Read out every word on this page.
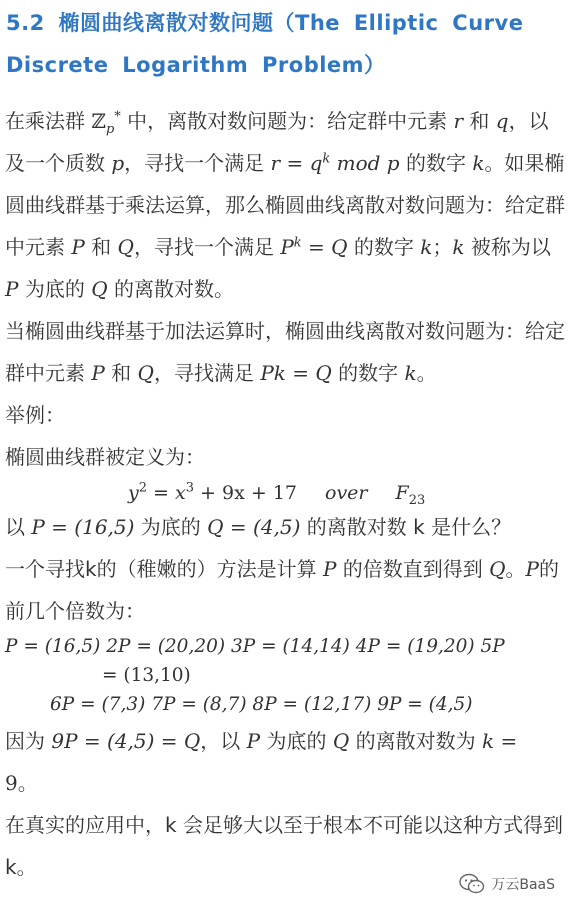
5.2 椭圆曲线离散对数问题（The Elliptic Curve Discrete Logarithm Problem）
在乘法群 ℤ$_p$* 中，离散对数问题为：给定群中元素 r 和 q，以及一个质数 p，寻找一个满足 $r = q^k$ mod p 的数字 k。如果椭圆曲线群基于乘法运算，那么椭圆曲线离散对数问题为：给定群中元素 P 和 Q，寻找一个满足 $P^k = Q$ 的数字 k；k 被称为以 P 为底的 Q 的离散对数。
当椭圆曲线群基于加法运算时，椭圆曲线离散对数问题为：给定群中元素 P 和 Q，寻找满足 Pk = Q 的数字 k。
举例：
椭圆曲线群被定义为：
$y^2 = x^3 + 9x + 17$ over $F_{23}$
以 P = (16,5) 为底的 Q = (4,5) 的离散对数 k 是什么？
一个寻找k的（稚嫩的）方法是计算 P 的倍数直到得到 Q。P的前几个倍数为：
P = (16,5) 2P = (20,20) 3P = (14,14) 4P = (19,20) 5P
= (13,10)
6P = (7,3) 7P = (8,7) 8P = (12,17) 9P = (4,5)
因为 9P = (4,5) = Q，以 P 为底的 Q 的离散对数为 k =
9。
在真实的应用中，k 会足够大以至于根本不可能以这种方式得到 k。
万云BaaS
